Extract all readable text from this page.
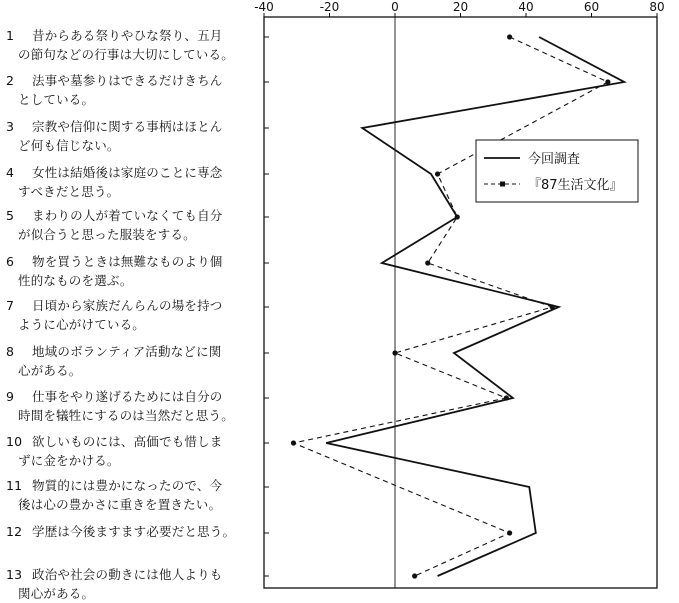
1 昔からある祭りやひな祭り、五月
の節句などの行事は大切にしている。
2 法事や墓参りはできるだけきちん
としている。
3 宗教や信仰に関する事柄はほとん
ど何も信じない。
4 女性は結婚後は家庭のことに専念
すべきだと思う。
5 まわりの人が着ていなくても自分
が似合うと思った服装をする。
6 物を買うときは無難なものより個
性的なものを選ぶ。
7 日頃から家族だんらんの場を持つ
ように心がけている。
8 地域のボランティア活動などに関
心がある。
9 仕事をやり遂げるためには自分の
時間を犠牲にするのは当然だと思う。
10 欲しいものには、高価でも惜しま
ずに金をかける。
11 物質的には豊かになったので、今
後は心の豊かさに重きを置きたい。
12 学歴は今後ますます必要だと思う。
13 政治や社会の動きには他人よりも
関心がある。
-40	-20	0	20	40	60	80
今回調査
『87生活文化』
